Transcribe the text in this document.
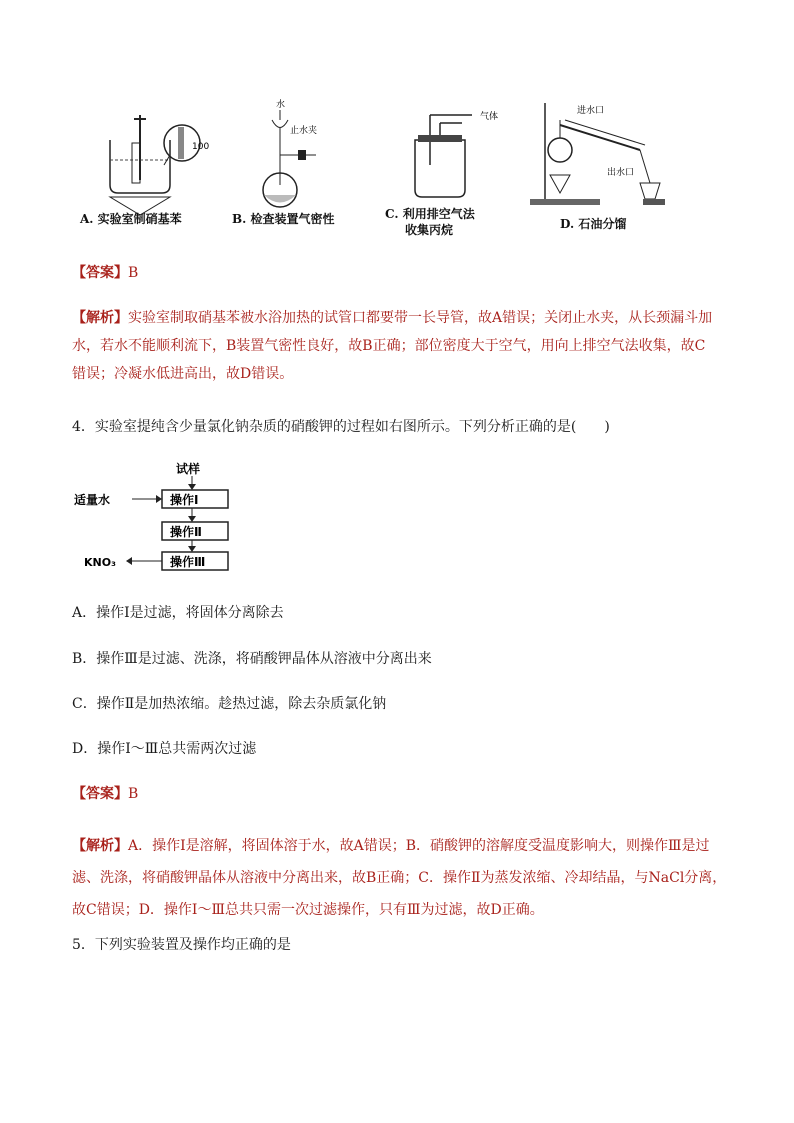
100
A. 实验室制硝基苯
水
止水夹
B. 检查装置气密性
气体
C. 利用排空气法
收集丙烷
进水口
出水口
D. 石油分馏
【答案】B
【解析】实验室制取硝基苯被水浴加热的试管口都要带一长导管，故A错误；关闭止水夹，从长颈漏斗加
水，若水不能顺利流下，B装置气密性良好，故B正确；部位密度大于空气，用向上排空气法收集，故C
错误；冷凝水低进高出，故D错误。
4．实验室提纯含少量氯化钠杂质的硝酸钾的过程如右图所示。下列分析正确的是(　　)
试样
操作Ⅰ
适量水
操作Ⅱ
操作Ⅲ
KNO₃
A．操作Ⅰ是过滤，将固体分离除去
B．操作Ⅲ是过滤、洗涤，将硝酸钾晶体从溶液中分离出来
C．操作Ⅱ是加热浓缩。趁热过滤，除去杂质氯化钠
D．操作Ⅰ～Ⅲ总共需两次过滤
【答案】B
【解析】A．操作Ⅰ是溶解，将固体溶于水，故A错误；B．硝酸钾的溶解度受温度影响大，则操作Ⅲ是过
滤、洗涤，将硝酸钾晶体从溶液中分离出来，故B正确；C．操作Ⅱ为蒸发浓缩、冷却结晶，与NaCl分离，
故C错误；D．操作Ⅰ～Ⅲ总共只需一次过滤操作，只有Ⅲ为过滤，故D正确。
5．下列实验装置及操作均正确的是
